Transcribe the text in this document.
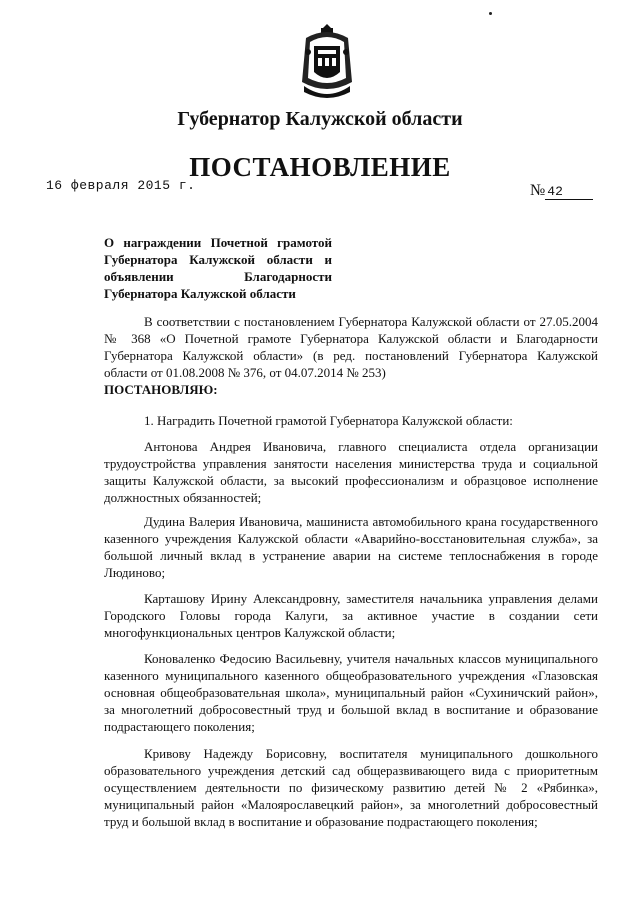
Губернатор Калужской области
ПОСТАНОВЛЕНИЕ
16 февраля 2015 г.	№ 42
О награждении Почетной грамотой Губернатора Калужской области и объявлении Благодарности Губернатора Калужской области

В соответствии с постановлением Губернатора Калужской области от 27.05.2004 № 368 «О Почетной грамоте Губернатора Калужской области и Благодарности Губернатора Калужской области» (в ред. постановлений Губернатора Калужской области от 01.08.2008 № 376, от 04.07.2014 № 253)

ПОСТАНОВЛЯЮ:

1. Наградить Почетной грамотой Губернатора Калужской области:

Антонова Андрея Ивановича, главного специалиста отдела организации трудоустройства управления занятости населения министерства труда и социальной защиты Калужской области, за высокий профессионализм и образцовое исполнение должностных обязанностей;

Дудина Валерия Ивановича, машиниста автомобильного крана государственного казенного учреждения Калужской области «Аварийно-восстановительная служба», за большой личный вклад в устранение аварии на системе теплоснабжения в городе Людиново;

Карташову Ирину Александровну, заместителя начальника управления делами Городского Головы города Калуги, за активное участие в создании сети многофункциональных центров Калужской области;

Коноваленко Федосию Васильевну, учителя начальных классов муниципального казенного муниципального казенного общеобразовательного учреждения «Глазовская основная общеобразовательная школа», муниципальный район «Сухиничский район», за многолетний добросовестный труд и большой вклад в воспитание и образование подрастающего поколения;

Кривову Надежду Борисовну, воспитателя муниципального дошкольного образовательного учреждения детский сад общеразвивающего вида с приоритетным осуществлением деятельности по физическому развитию детей № 2 «Рябинка», муниципальный район «Малоярославецкий район», за многолетний добросовестный труд и большой вклад в воспитание и образование подрастающего поколения;
